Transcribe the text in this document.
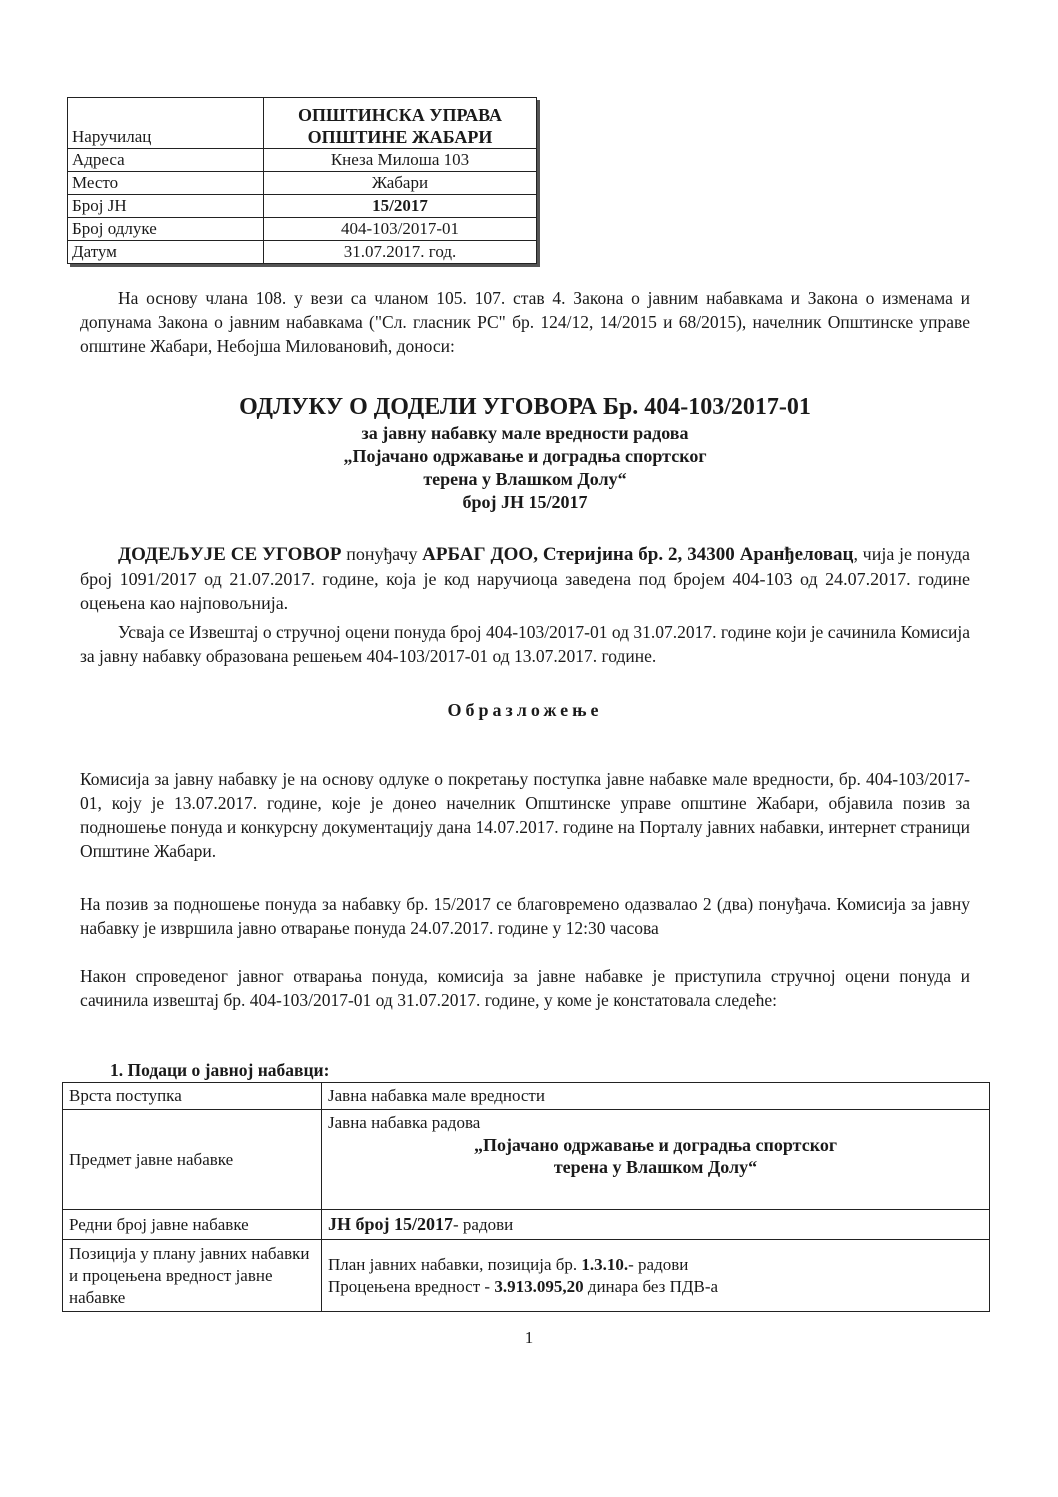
Наручилац	ОПШТИНСКА УПРАВА
ОПШТИНЕ ЖАБАРИ
Адреса	Кнеза Милоша 103
Место	Жабари
Број ЈН	15/2017
Број одлуке	404-103/2017-01
Датум	31.07.2017. год.

На основу члана 108. у вези са чланом 105. 107. став 4. Закона о јавним набавкама и Закона о изменама и допунама Закона о јавним набавкама ("Сл. гласник РС" бр. 124/12, 14/2015 и 68/2015), начелник Општинске управе општине Жабари, Небојша Миловановић, доноси:

ОДЛУКУ О ДОДЕЛИ УГОВОРА Бр. 404-103/2017-01
за јавну набавку мале вредности радова
„Појачано одржавање и доградња спортског
терена у Влашком Долу“
број ЈН 15/2017

ДОДЕЉУЈЕ СЕ УГОВОР понуђачу АРБАГ ДОО, Стеријина бр. 2, 34300 Аранђеловац, чија је понуда број 1091/2017 од 21.07.2017. године, која је код наручиоца заведена под бројем 404-103 од 24.07.2017. године оцењена као најповољнија.

Усваја се Извештај о стручној оцени понуда број 404-103/2017-01 од 31.07.2017. године који је сачинила Комисија за јавну набавку образована решењем 404-103/2017-01 од 13.07.2017. године.

Образложење

Комисија за јавну набавку је на основу одлуке о покретању поступка јавне набавке мале вредности, бр. 404-103/2017-01, коју је 13.07.2017. године, које је донео начелник Општинске управе општине Жабари, објавила позив за подношење понуда и конкурсну документацију дана 14.07.2017. године на Порталу јавних набавки, интернет страници Општине Жабари.

На позив за подношење понуда за набавку бр. 15/2017 се благовремено одазвалао 2 (два) понуђача. Комисија за јавну набавку је извршила јавно отварање понуда 24.07.2017. године у 12:30 часова

Након спроведеног јавног отварања понуда, комисија за јавне набавке је приступила стручној оцени понуда и сачинила извештај бр. 404-103/2017-01 од 31.07.2017. године, у коме је констатовала следеће:

1. Подаци о јавној набавци:

Врста поступка	Јавна набавка мале вредности
Предмет јавне набавке	Јавна набавка радова
„Појачано одржавање и доградња спортског
терена у Влашком Долу“

Редни број јавне набавке	ЈН број 15/2017- радови
Позиција у плану јавних набавки и процењена вредност јавне набавке	План јавних набавки, позиција бр. 1.3.10.- радови
Процењена вредност - 3.913.095,20 динара без ПДВ-а
1
